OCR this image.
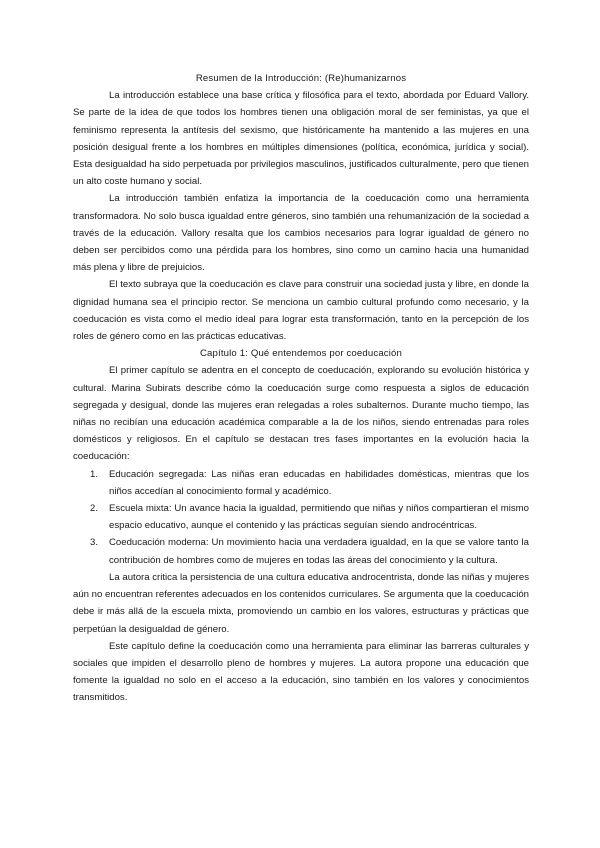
Resumen de la Introducción: (Re)humanizarnos

La introducción establece una base crítica y filosófica para el texto, abordada por Eduard Vallory. Se parte de la idea de que todos los hombres tienen una obligación moral de ser feministas, ya que el feminismo representa la antítesis del sexismo, que históricamente ha mantenido a las mujeres en una posición desigual frente a los hombres en múltiples dimensiones (política, económica, jurídica y social). Esta desigualdad ha sido perpetuada por privilegios masculinos, justificados culturalmente, pero que tienen un alto coste humano y social.

La introducción también enfatiza la importancia de la coeducación como una herramienta transformadora. No solo busca igualdad entre géneros, sino también una rehumanización de la sociedad a través de la educación. Vallory resalta que los cambios necesarios para lograr igualdad de género no deben ser percibidos como una pérdida para los hombres, sino como un camino hacia una humanidad más plena y libre de prejuicios.

El texto subraya que la coeducación es clave para construir una sociedad justa y libre, en donde la dignidad humana sea el principio rector. Se menciona un cambio cultural profundo como necesario, y la coeducación es vista como el medio ideal para lograr esta transformación, tanto en la percepción de los roles de género como en las prácticas educativas.

Capítulo 1: Qué entendemos por coeducación

El primer capítulo se adentra en el concepto de coeducación, explorando su evolución histórica y cultural. Marina Subirats describe cómo la coeducación surge como respuesta a siglos de educación segregada y desigual, donde las mujeres eran relegadas a roles subalternos. Durante mucho tiempo, las niñas no recibían una educación académica comparable a la de los niños, siendo entrenadas para roles domésticos y religiosos. En el capítulo se destacan tres fases importantes en la evolución hacia la coeducación:

1. Educación segregada: Las niñas eran educadas en habilidades domésticas, mientras que los niños accedían al conocimiento formal y académico.
2. Escuela mixta: Un avance hacia la igualdad, permitiendo que niñas y niños compartieran el mismo espacio educativo, aunque el contenido y las prácticas seguían siendo androcéntricas.
3. Coeducación moderna: Un movimiento hacia una verdadera igualdad, en la que se valore tanto la contribución de hombres como de mujeres en todas las áreas del conocimiento y la cultura.

La autora critica la persistencia de una cultura educativa androcentrista, donde las niñas y mujeres aún no encuentran referentes adecuados en los contenidos curriculares. Se argumenta que la coeducación debe ir más allá de la escuela mixta, promoviendo un cambio en los valores, estructuras y prácticas que perpetúan la desigualdad de género.

Este capítulo define la coeducación como una herramienta para eliminar las barreras culturales y sociales que impiden el desarrollo pleno de hombres y mujeres. La autora propone una educación que fomente la igualdad no solo en el acceso a la educación, sino también en los valores y conocimientos transmitidos.
